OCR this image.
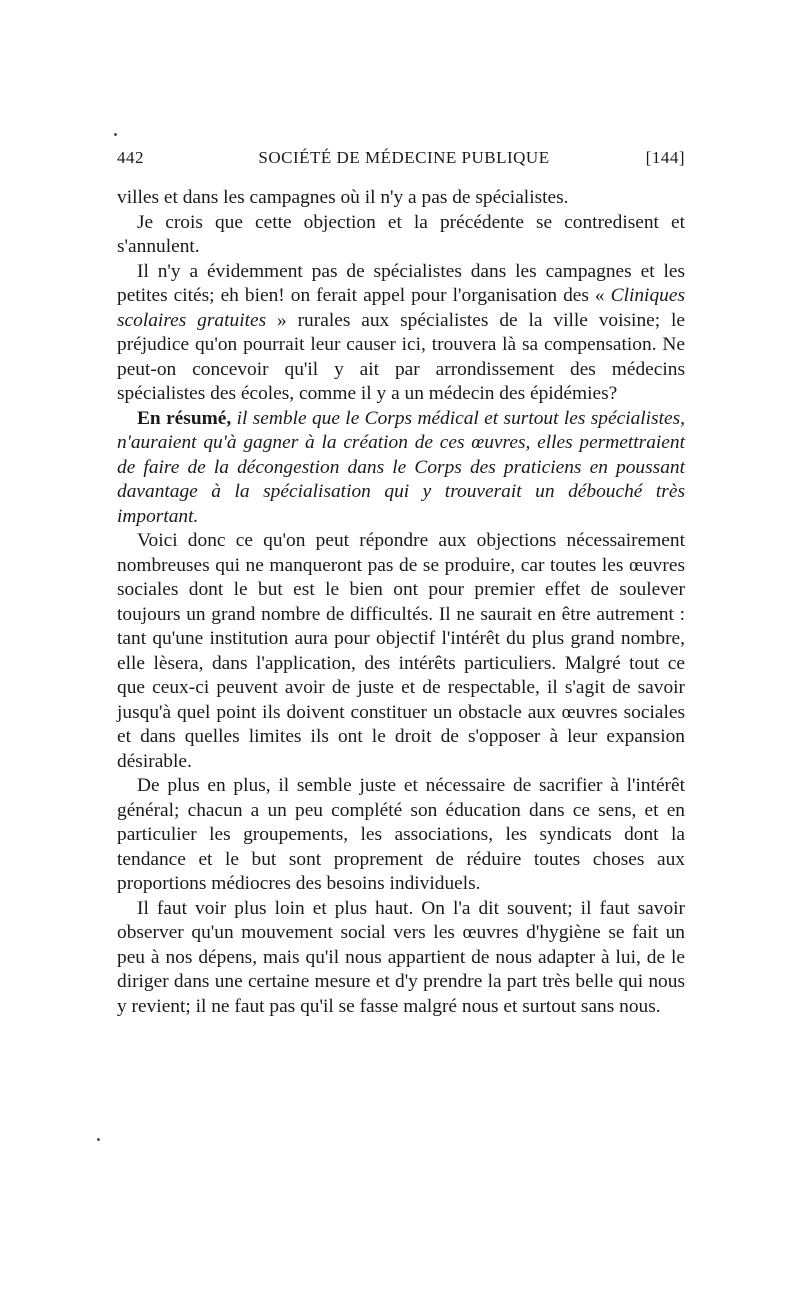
442	SOCIÉTÉ DE MÉDECINE PUBLIQUE	[144]

villes et dans les campagnes où il n'y a pas de spécialistes.

Je crois que cette objection et la précédente se contredisent et s'annulent.

Il n'y a évidemment pas de spécialistes dans les campagnes et les petites cités; eh bien! on ferait appel pour l'organisation des « Cliniques scolaires gratuites » rurales aux spécialistes de la ville voisine; le préjudice qu'on pourrait leur causer ici, trouvera là sa compensation. Ne peut-on concevoir qu'il y ait par arrondissement des médecins spécialistes des écoles, comme il y a un médecin des épidémies?

En résumé, il semble que le Corps médical et surtout les spécialistes, n'auraient qu'à gagner à la création de ces œuvres, elles permettraient de faire de la décongestion dans le Corps des praticiens en poussant davantage à la spécialisation qui y trouverait un débouché très important.

Voici donc ce qu'on peut répondre aux objections nécessairement nombreuses qui ne manqueront pas de se produire, car toutes les œuvres sociales dont le but est le bien ont pour premier effet de soulever toujours un grand nombre de difficultés. Il ne saurait en être autrement : tant qu'une institution aura pour objectif l'intérêt du plus grand nombre, elle lèsera, dans l'application, des intérêts particuliers. Malgré tout ce que ceux-ci peuvent avoir de juste et de respectable, il s'agit de savoir jusqu'à quel point ils doivent constituer un obstacle aux œuvres sociales et dans quelles limites ils ont le droit de s'opposer à leur expansion désirable.

De plus en plus, il semble juste et nécessaire de sacrifier à l'intérêt général; chacun a un peu complété son éducation dans ce sens, et en particulier les groupements, les associations, les syndicats dont la tendance et le but sont proprement de réduire toutes choses aux proportions médiocres des besoins individuels.

Il faut voir plus loin et plus haut. On l'a dit souvent; il faut savoir observer qu'un mouvement social vers les œuvres d'hygiène se fait un peu à nos dépens, mais qu'il nous appartient de nous adapter à lui, de le diriger dans une certaine mesure et d'y prendre la part très belle qui nous y revient; il ne faut pas qu'il se fasse malgré nous et surtout sans nous.
